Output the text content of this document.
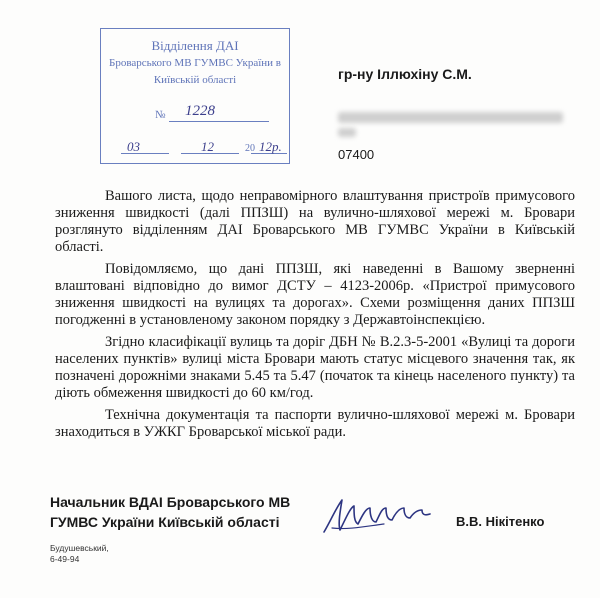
Відділення ДАІ
Броварського МВ ГУМВС України в
Київській області
№ 1228
03	12	20 12р.
гр-ну Іллюхіну С.М.
07400

Вашого листа, щодо неправомірного влаштування пристроїв примусового зниження швидкості (далі ППЗШ) на вулично-шляхової мережі м. Бровари розглянуто відділенням ДАІ Броварського МВ ГУМВС України в Київській області.

Повідомляємо, що дані ППЗШ, які наведенні в Вашому зверненні влаштовані відповідно до вимог ДСТУ – 4123-2006р. «Пристрої примусового зниження швидкості на вулицях та дорогах». Схеми розміщення даних ППЗШ погодженні в установленому законом порядку з Державтоінспекцією.

Згідно класифікації вулиць та доріг ДБН № В.2.3-5-2001 «Вулиці та дороги населених пунктів» вулиці міста Бровари мають статус місцевого значення так, як позначені дорожніми знаками 5.45 та 5.47 (початок та кінець населеного пункту) та діють обмеження швидкості до 60 км/год.

Технічна документація та паспорти вулично-шляхової мережі м. Бровари знаходиться в УЖКГ Броварської міської ради.

Начальник ВДАІ Броварського МВ
ГУМВС України Київській області	В.В. Нікітенко
Будушевський,
6-49-94
